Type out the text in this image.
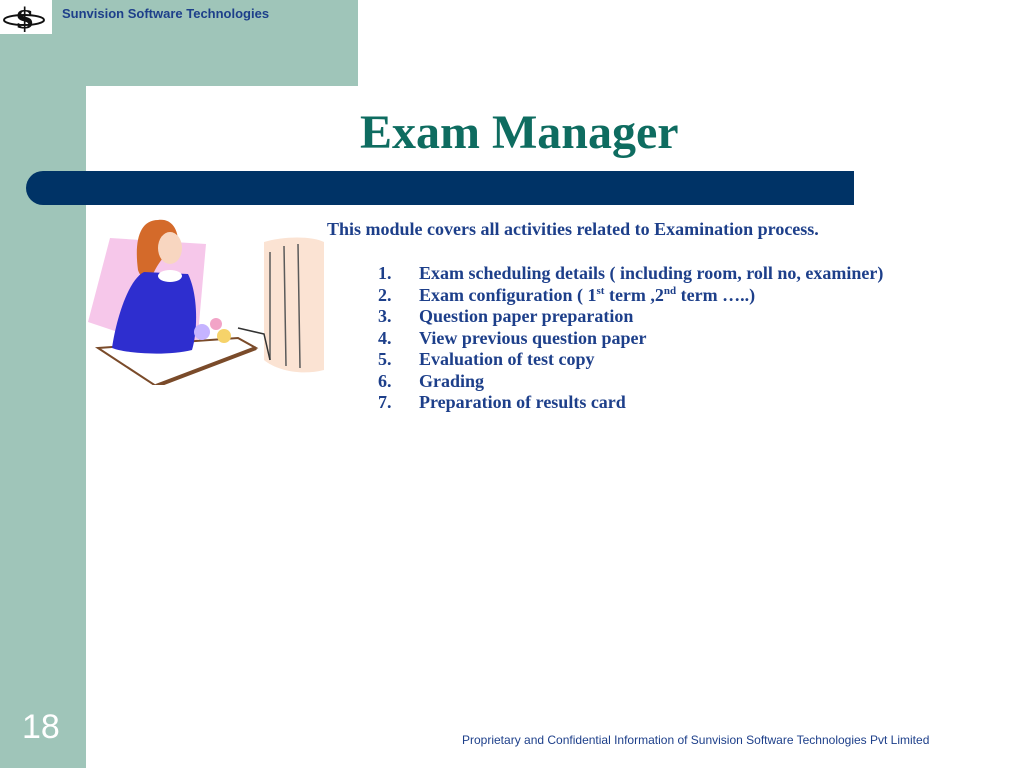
$ Sunvision Software Technologies
Exam Manager
This module covers all activities related to Examination process.
1. Exam scheduling details ( including room, roll no, examiner)
2. Exam configuration ( 1st term ,2nd term …..)
3. Question paper preparation
4. View previous question paper
5. Evaluation of test copy
6. Grading
7. Preparation of results card
18	Proprietary and Confidential Information of Sunvision Software Technologies Pvt Limited
